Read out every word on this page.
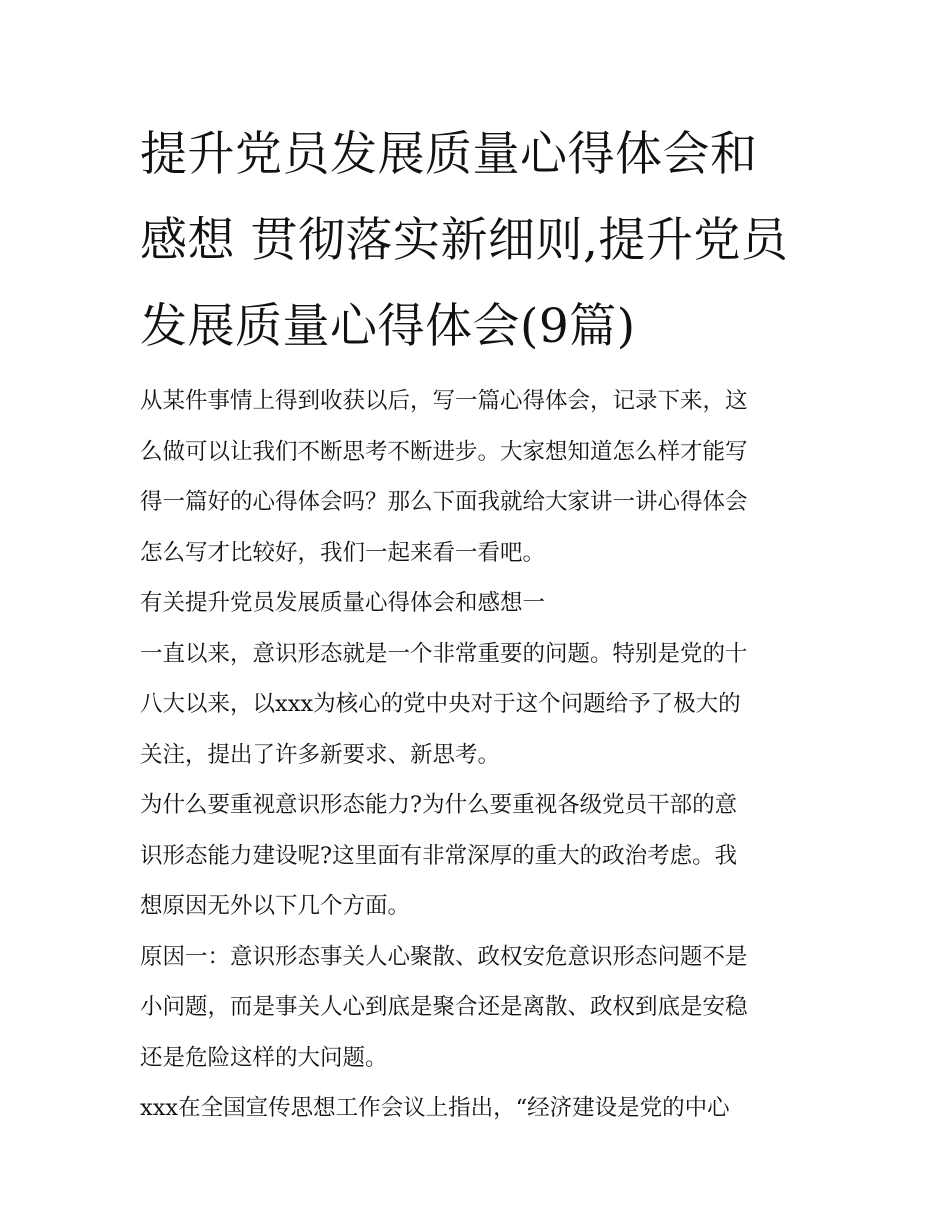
提升党员发展质量心得体会和
感想 贯彻落实新细则,提升党员
发展质量心得体会(9篇)

从某件事情上得到收获以后，写一篇心得体会，记录下来，这

么做可以让我们不断思考不断进步。大家想知道怎么样才能写

得一篇好的心得体会吗？那么下面我就给大家讲一讲心得体会

怎么写才比较好，我们一起来看一看吧。

有关提升党员发展质量心得体会和感想一

一直以来，意识形态就是一个非常重要的问题。特别是党的十

八大以来，以xxx为核心的党中央对于这个问题给予了极大的

关注，提出了许多新要求、新思考。

为什么要重视意识形态能力?为什么要重视各级党员干部的意

识形态能力建设呢?这里面有非常深厚的重大的政治考虑。我

想原因无外以下几个方面。

原因一：意识形态事关人心聚散、政权安危意识形态问题不是

小问题，而是事关人心到底是聚合还是离散、政权到底是安稳

还是危险这样的大问题。

xxx在全国宣传思想工作会议上指出，“经济建设是党的中心
